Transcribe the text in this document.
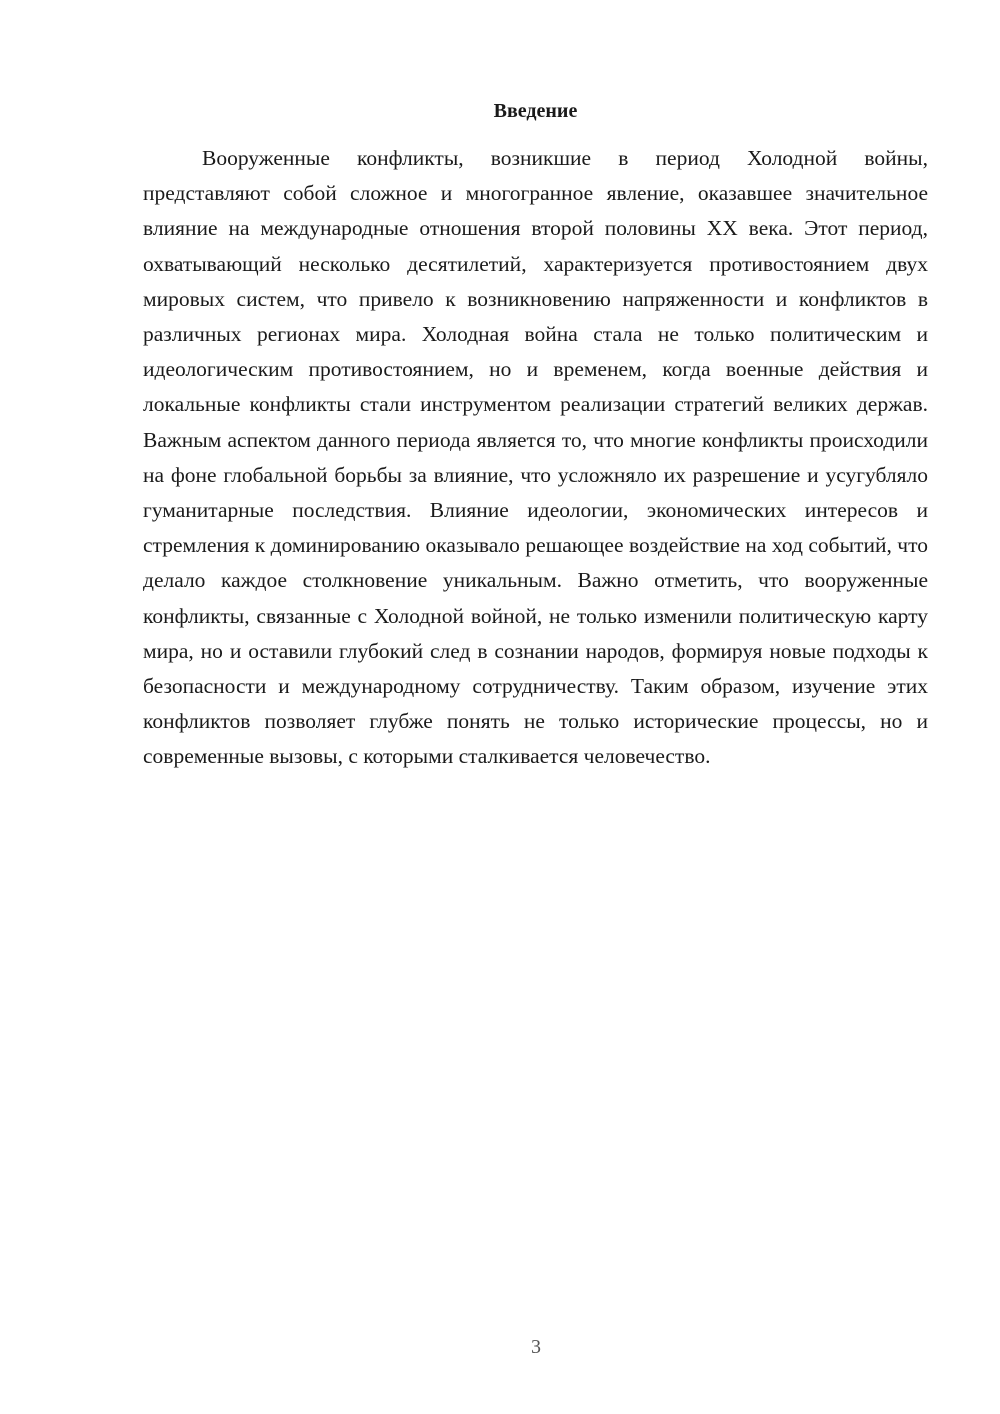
Введение

Вооруженные конфликты, возникшие в период Холодной войны, представляют собой сложное и многогранное явление, оказавшее значительное влияние на международные отношения второй половины XX века. Этот период, охватывающий несколько десятилетий, характеризуется противостоянием двух мировых систем, что привело к возникновению напряженности и конфликтов в различных регионах мира. Холодная война стала не только политическим и идеологическим противостоянием, но и временем, когда военные действия и локальные конфликты стали инструментом реализации стратегий великих держав. Важным аспектом данного периода является то, что многие конфликты происходили на фоне глобальной борьбы за влияние, что усложняло их разрешение и усугубляло гуманитарные последствия. Влияние идеологии, экономических интересов и стремления к доминированию оказывало решающее воздействие на ход событий, что делало каждое столкновение уникальным. Важно отметить, что вооруженные конфликты, связанные с Холодной войной, не только изменили политическую карту мира, но и оставили глубокий след в сознании народов, формируя новые подходы к безопасности и международному сотрудничеству. Таким образом, изучение этих конфликтов позволяет глубже понять не только исторические процессы, но и современные вызовы, с которыми сталкивается человечество.

3
